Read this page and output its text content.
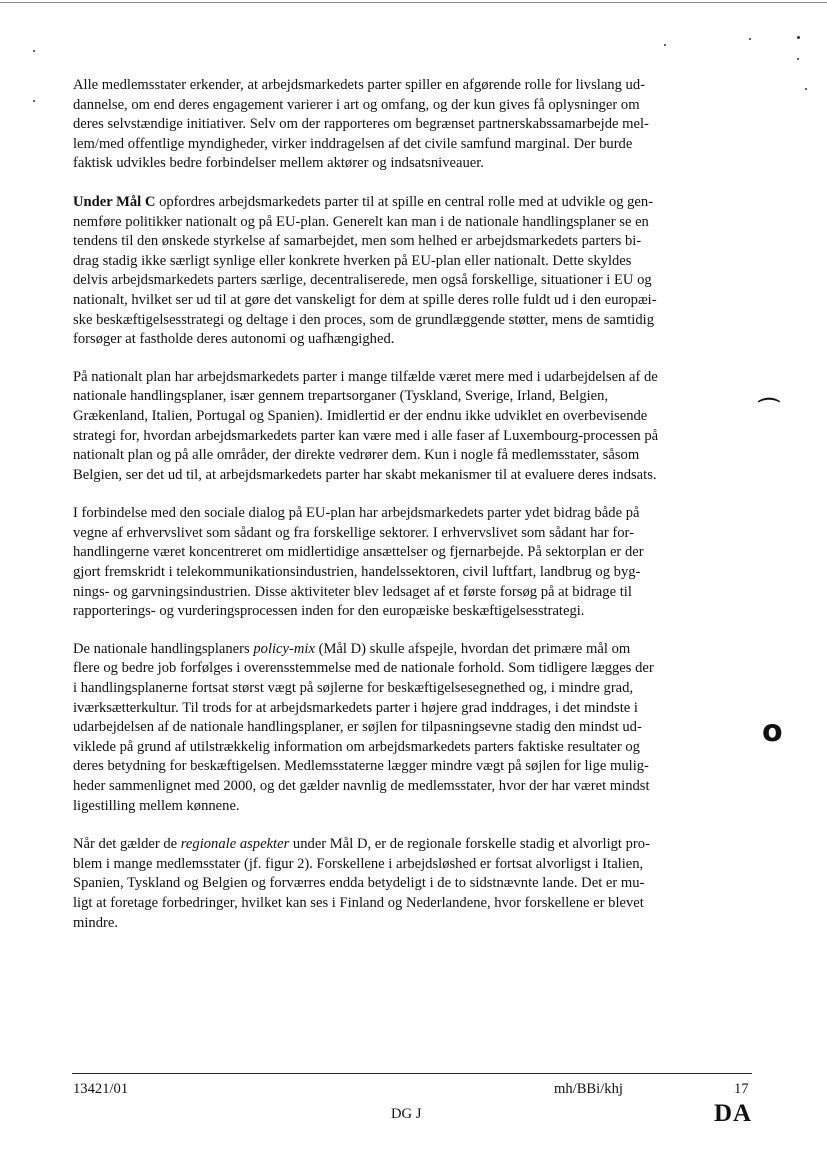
⌒
o

Alle medlemsstater erkender, at arbejdsmarkedets parter spiller en afgørende rolle for livslang ud-
dannelse, om end deres engagement varierer i art og omfang, og der kun gives få oplysninger om
deres selvstændige initiativer. Selv om der rapporteres om begrænset partnerskabssamarbejde mel-
lem/med offentlige myndigheder, virker inddragelsen af det civile samfund marginal. Der burde
faktisk udvikles bedre forbindelser mellem aktører og indsatsniveauer.

Under Mål C opfordres arbejdsmarkedets parter til at spille en central rolle med at udvikle og gen-
nemføre politikker nationalt og på EU-plan. Generelt kan man i de nationale handlingsplaner se en
tendens til den ønskede styrkelse af samarbejdet, men som helhed er arbejdsmarkedets parters bi-
drag stadig ikke særligt synlige eller konkrete hverken på EU-plan eller nationalt. Dette skyldes
delvis arbejdsmarkedets parters særlige, decentraliserede, men også forskellige, situationer i EU og
nationalt, hvilket ser ud til at gøre det vanskeligt for dem at spille deres rolle fuldt ud i den europæi-
ske beskæftigelsesstrategi og deltage i den proces, som de grundlæggende støtter, mens de samtidig
forsøger at fastholde deres autonomi og uafhængighed.

På nationalt plan har arbejdsmarkedets parter i mange tilfælde været mere med i udarbejdelsen af de
nationale handlingsplaner, især gennem trepartsorganer (Tyskland, Sverige, Irland, Belgien,
Grækenland, Italien, Portugal og Spanien). Imidlertid er der endnu ikke udviklet en overbevisende
strategi for, hvordan arbejdsmarkedets parter kan være med i alle faser af Luxembourg-processen på
nationalt plan og på alle områder, der direkte vedrører dem. Kun i nogle få medlemsstater, såsom
Belgien, ser det ud til, at arbejdsmarkedets parter har skabt mekanismer til at evaluere deres indsats.

I forbindelse med den sociale dialog på EU-plan har arbejdsmarkedets parter ydet bidrag både på
vegne af erhvervslivet som sådant og fra forskellige sektorer. I erhvervslivet som sådant har for-
handlingerne været koncentreret om midlertidige ansættelser og fjernarbejde. På sektorplan er der
gjort fremskridt i telekommunikationsindustrien, handelssektoren, civil luftfart, landbrug og byg-
nings- og garvningsindustrien. Disse aktiviteter blev ledsaget af et første forsøg på at bidrage til
rapporterings- og vurderingsprocessen inden for den europæiske beskæftigelsesstrategi.

De nationale handlingsplaners policy-mix (Mål D) skulle afspejle, hvordan det primære mål om
flere og bedre job forfølges i overensstemmelse med de nationale forhold. Som tidligere lægges der
i handlingsplanerne fortsat størst vægt på søjlerne for beskæftigelsesegnethed og, i mindre grad,
iværksætterkultur. Til trods for at arbejdsmarkedets parter i højere grad inddrages, i det mindste i
udarbejdelsen af de nationale handlingsplaner, er søjlen for tilpasningsevne stadig den mindst ud-
viklede på grund af utilstrækkelig information om arbejdsmarkedets parters faktiske resultater og
deres betydning for beskæftigelsen. Medlemsstaterne lægger mindre vægt på søjlen for lige mulig-
heder sammenlignet med 2000, og det gælder navnlig de medlemsstater, hvor der har været mindst
ligestilling mellem kønnene.

Når det gælder de regionale aspekter under Mål D, er de regionale forskelle stadig et alvorligt pro-
blem i mange medlemsstater (jf. figur 2). Forskellene i arbejdsløshed er fortsat alvorligst i Italien,
Spanien, Tyskland og Belgien og forværres endda betydeligt i de to sidstnævnte lande. Det er mu-
ligt at foretage forbedringer, hvilket kan ses i Finland og Nederlandene, hvor forskellene er blevet
mindre.

13421/01	mh/BBi/khj	17
DG J	DA
